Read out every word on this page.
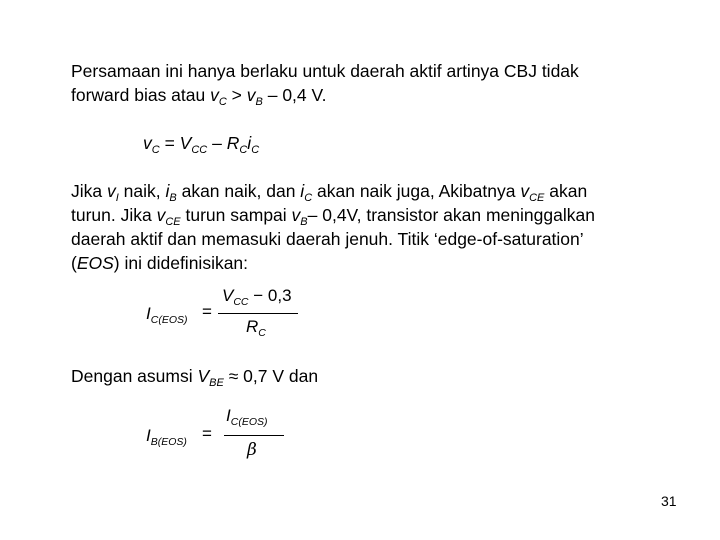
Persamaan ini hanya berlaku untuk daerah aktif artinya CBJ tidak
forward bias atau $v_C > v_B - 0,4$ V.

$v_C = V_{CC} - R_Ci_C$

Jika $v_I$ naik, $i_B$ akan naik, dan $i_C$ akan naik juga, Akibatnya $v_{CE}$ akan
turun. Jika $v_{CE}$ turun sampai $v_B-$ 0,4V, transistor akan meninggalkan
daerah aktif dan memasuki daerah jenuh. Titik ‘edge-of-saturation’
(EOS) ini didefinisikan:

$I_{C(EOS)}$ =
$V_{CC} - 0,3$
$R_C$

Dengan asumsi $V_{BE} \approx 0,7$ V dan

$I_{B(EOS)}$ =
$I_{C(EOS)}$
β
31
